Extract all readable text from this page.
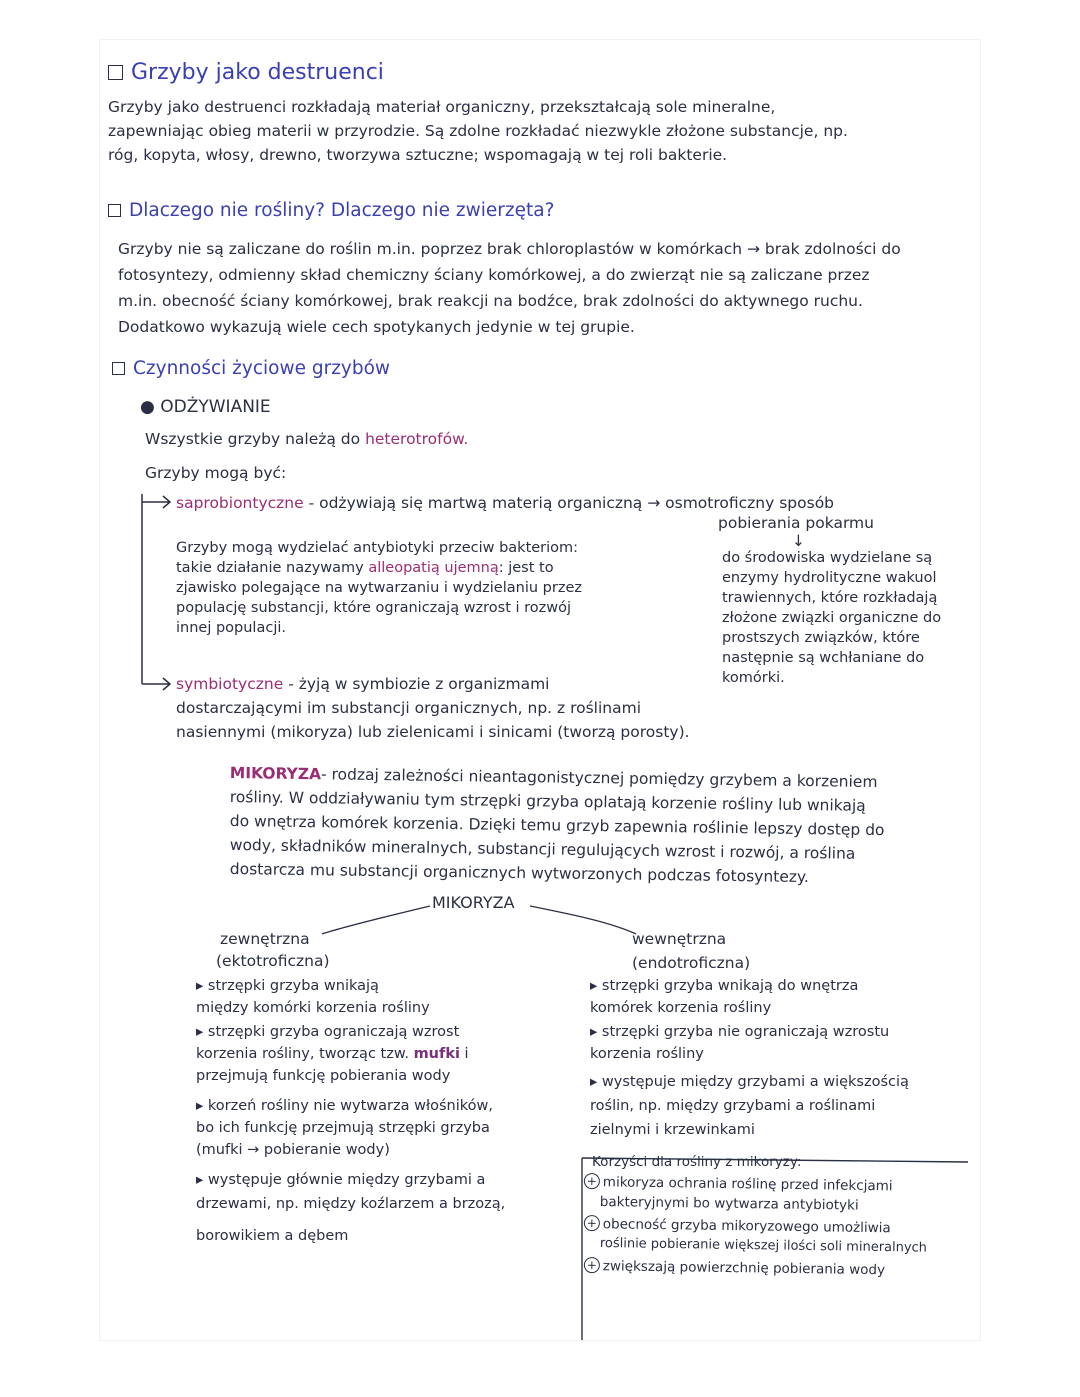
Grzyby jako destruenci
Grzyby jako destruenci rozkładają materiał organiczny, przekształcają sole mineralne,
zapewniając obieg materii w przyrodzie. Są zdolne rozkładać niezwykle złożone substancje, np.
róg, kopyta, włosy, drewno, tworzywa sztuczne; wspomagają w tej roli bakterie.
Dlaczego nie rośliny? Dlaczego nie zwierzęta?
Grzyby nie są zaliczane do roślin m.in. poprzez brak chloroplastów w komórkach → brak zdolności do
fotosyntezy, odmienny skład chemiczny ściany komórkowej, a do zwierząt nie są zaliczane przez
m.in. obecność ściany komórkowej, brak reakcji na bodźce, brak zdolności do aktywnego ruchu.
Dodatkowo wykazują wiele cech spotykanych jedynie w tej grupie.
Czynności życiowe grzybów
● ODŻYWIANIE
Wszystkie grzyby należą do heterotrofów.
Grzyby mogą być:
saprobiontyczne - odżywiają się martwą materią organiczną → osmotroficzny sposób
pobierania pokarmu
↓
do środowiska wydzielane są
enzymy hydrolityczne wakuol
trawiennych, które rozkładają
złożone związki organiczne do
prostszych związków, które
następnie są wchłaniane do
komórki.
Grzyby mogą wydzielać antybiotyki przeciw bakteriom:
takie działanie nazywamy alleopatią ujemną: jest to
zjawisko polegające na wytwarzaniu i wydzielaniu przez
populację substancji, które ograniczają wzrost i rozwój
innej populacji.
symbiotyczne - żyją w symbiozie z organizmami
dostarczającymi im substancji organicznych, np. z roślinami
nasiennymi (mikoryza) lub zielenicami i sinicami (tworzą porosty).
MIKORYZA- rodzaj zależności nieantagonistycznej pomiędzy grzybem a korzeniem
rośliny. W oddziaływaniu tym strzępki grzyba oplatają korzenie rośliny lub wnikają
do wnętrza komórek korzenia. Dzięki temu grzyb zapewnia roślinie lepszy dostęp do
wody, składników mineralnych, substancji regulujących wzrost i rozwój, a roślina
dostarcza mu substancji organicznych wytworzonych podczas fotosyntezy.
MIKORYZA
zewnętrzna
(ektotroficzna)
▸ strzępki grzyba wnikają
między komórki korzenia rośliny
▸ strzępki grzyba ograniczają wzrost
korzenia rośliny, tworząc tzw. mufki i
przejmują funkcję pobierania wody
▸ korzeń rośliny nie wytwarza włośników,
bo ich funkcję przejmują strzępki grzyba
(mufki → pobieranie wody)
▸ występuje głównie między grzybami a
drzewami, np. między koźlarzem a brzozą,
borowikiem a dębem
wewnętrzna
(endotroficzna)
▸ strzępki grzyba wnikają do wnętrza
komórek korzenia rośliny
▸ strzępki grzyba nie ograniczają wzrostu
korzenia rośliny
▸ występuje między grzybami a większością
roślin, np. między grzybami a roślinami
zielnymi i krzewinkami
Korzyści dla rośliny z mikoryzy:
+ mikoryza ochrania roślinę przed infekcjami
bakteryjnymi bo wytwarza antybiotyki
+ obecność grzyba mikoryzowego umożliwia
roślinie pobieranie większej ilości soli mineralnych
+ zwiększają powierzchnię pobierania wody
